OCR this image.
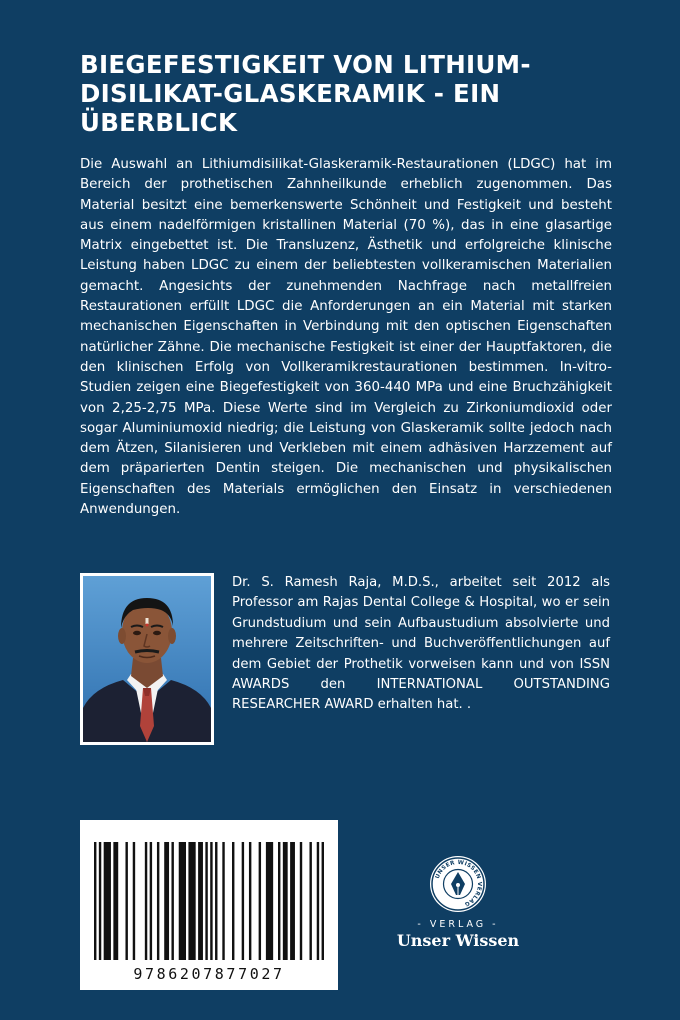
BIEGEFESTIGKEIT VON LITHIUM-DISILIKAT-GLASKERAMIK - EIN ÜBERBLICK

Die Auswahl an Lithiumdisilikat-Glaskeramik-Restaurationen (LDGC) hat im Bereich der prothetischen Zahnheilkunde erheblich zugenommen. Das Material besitzt eine bemerkenswerte Schönheit und Festigkeit und besteht aus einem nadelförmigen kristallinen Material (70 %), das in eine glasartige Matrix eingebettet ist. Die Transluzenz, Ästhetik und erfolgreiche klinische Leistung haben LDGC zu einem der beliebtesten vollkeramischen Materialien gemacht. Angesichts der zunehmenden Nachfrage nach metallfreien Restaurationen erfüllt LDGC die Anforderungen an ein Material mit starken mechanischen Eigenschaften in Verbindung mit den optischen Eigenschaften natürlicher Zähne. Die mechanische Festigkeit ist einer der Hauptfaktoren, die den klinischen Erfolg von Vollkeramikrestaurationen bestimmen. In-vitro-Studien zeigen eine Biegefestigkeit von 360-440 MPa und eine Bruchzähigkeit von 2,25-2,75 MPa. Diese Werte sind im Vergleich zu Zirkoniumdioxid oder sogar Aluminiumoxid niedrig; die Leistung von Glaskeramik sollte jedoch nach dem Ätzen, Silanisieren und Verkleben mit einem adhäsiven Harzzement auf dem präparierten Dentin steigen. Die mechanischen und physikalischen Eigenschaften des Materials ermöglichen den Einsatz in verschiedenen Anwendungen.

Dr. S. Ramesh Raja, M.D.S., arbeitet seit 2012 als Professor am Rajas Dental College & Hospital, wo er sein Grundstudium und sein Aufbaustudium absolvierte und mehrere Zeitschriften- und Buchveröffentlichungen auf dem Gebiet der Prothetik vorweisen kann und von ISSN AWARDS den INTERNATIONAL OUTSTANDING RESEARCHER AWARD erhalten hat. .

9786207877027
UNSER WISSEN VERLAG
- VERLAG -
Unser Wissen
